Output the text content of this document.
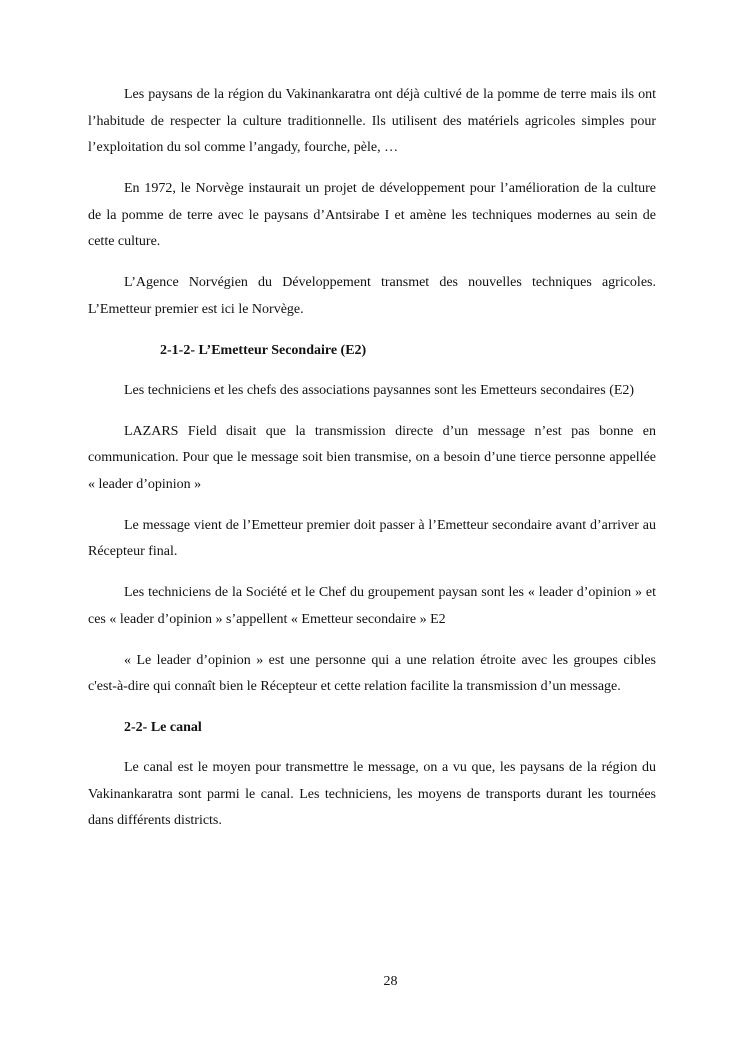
Les paysans de la région du Vakinankaratra ont déjà cultivé de la pomme de terre mais ils ont l’habitude de respecter la culture traditionnelle. Ils utilisent des matériels agricoles simples pour l’exploitation du sol comme l’angady, fourche, pèle, …

En 1972, le Norvège instaurait un projet de développement pour l’amélioration de la culture de la pomme de terre avec le paysans d’Antsirabe I et amène les techniques modernes au sein de cette culture.

L’Agence Norvégien du Développement transmet des nouvelles techniques agricoles. L’Emetteur premier est ici le Norvège.

2-1-2- L’Emetteur Secondaire (E2)

Les techniciens et les chefs des associations paysannes sont les Emetteurs secondaires (E2)

LAZARS Field disait que la transmission directe d’un message n’est pas bonne en communication. Pour que le message soit bien transmise, on a besoin d’une tierce personne appellée « leader d’opinion »

Le message vient de l’Emetteur premier doit passer à l’Emetteur secondaire avant d’arriver au Récepteur final.

Les techniciens de la Société et le Chef du groupement paysan sont les « leader d’opinion » et ces « leader d’opinion » s’appellent « Emetteur secondaire » E2

« Le leader d’opinion » est une personne qui a une relation étroite avec les groupes cibles c'est-à-dire qui connaît bien le Récepteur et cette relation facilite la transmission d’un message.

2-2- Le canal

Le canal est le moyen pour transmettre le message, on a vu que, les paysans de la région du Vakinankaratra sont parmi le canal. Les techniciens, les moyens de transports durant les tournées dans différents districts.

28
